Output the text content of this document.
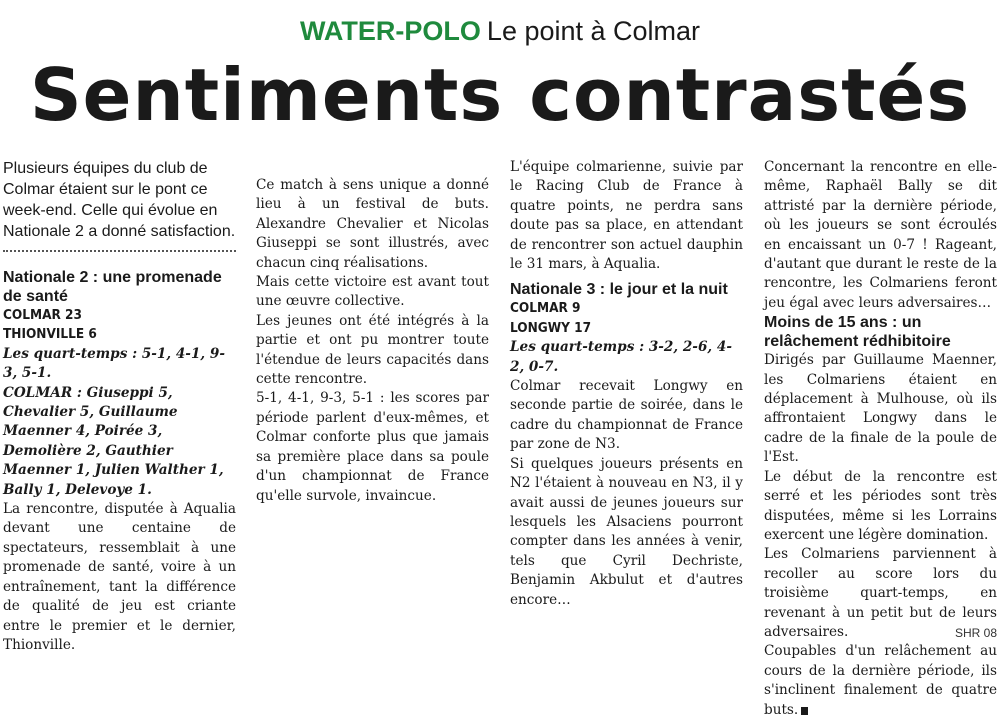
WATER-POLO Le point à Colmar
Sentiments contrastés

Plusieurs équipes du club de Colmar étaient sur le pont ce week-end. Celle qui évolue en Nationale 2 a donné satisfaction.

Nationale 2 : une promenade de santé

COLMAR 23

THIONVILLE 6

Les quart-temps : 5-1, 4-1, 9-3, 5-1.

COLMAR : Giuseppi 5, Chevalier 5, Guillaume Maenner 4, Poirée 3, Demolière 2, Gauthier Maenner 1, Julien Walther 1, Bally 1, Delevoye 1.

La rencontre, disputée à Aqualia devant une centaine de spectateurs, ressemblait à une promenade de santé, voire à un entraînement, tant la différence de qualité de jeu est criante entre le premier et le dernier, Thionville.

Ce match à sens unique a donné lieu à un festival de buts. Alexandre Chevalier et Nicolas Giuseppi se sont illustrés, avec chacun cinq réalisations.

Mais cette victoire est avant tout une œuvre collective.

Les jeunes ont été intégrés à la partie et ont pu montrer toute l'étendue de leurs capacités dans cette rencontre.

5-1, 4-1, 9-3, 5-1 : les scores par période parlent d'eux-mêmes, et Colmar conforte plus que jamais sa première place dans sa poule d'un championnat de France qu'elle survole, invaincue.

L'équipe colmarienne, suivie par le Racing Club de France à quatre points, ne perdra sans doute pas sa place, en attendant de rencontrer son actuel dauphin le 31 mars, à Aqualia.

Nationale 3 : le jour et la nuit

COLMAR 9

LONGWY 17

Les quart-temps : 3-2, 2-6, 4-2, 0-7.

Colmar recevait Longwy en seconde partie de soirée, dans le cadre du championnat de France par zone de N3.

Si quelques joueurs présents en N2 l'étaient à nouveau en N3, il y avait aussi de jeunes joueurs sur lesquels les Alsaciens pourront compter dans les années à venir, tels que Cyril Dechriste, Benjamin Akbulut et d'autres encore…

Concernant la rencontre en elle-même, Raphaël Bally se dit attristé par la dernière période, où les joueurs se sont écroulés en encaissant un 0-7 ! Rageant, d'autant que durant le reste de la rencontre, les Colmariens feront jeu égal avec leurs adversaires…

Moins de 15 ans : un relâchement rédhibitoire

Dirigés par Guillaume Maenner, les Colmariens étaient en déplacement à Mulhouse, où ils affrontaient Longwy dans le cadre de la finale de la poule de l'Est.

Le début de la rencontre est serré et les périodes sont très disputées, même si les Lorrains exercent une légère domination.

Les Colmariens parviennent à recoller au score lors du troisième quart-temps, en revenant à un petit but de leurs adversaires.

Coupables d'un relâchement au cours de la dernière période, ils s'inclinent finalement de quatre buts.

SHR 08
